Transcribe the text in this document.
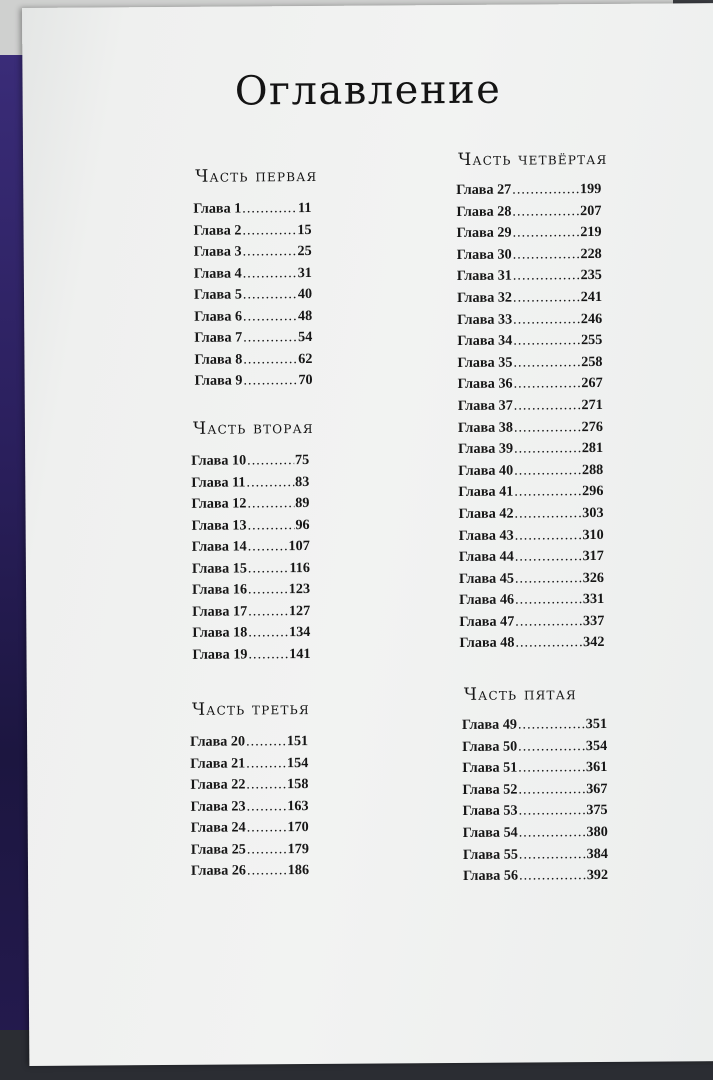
Оглавление
Часть первая
Глава 1 .....	11
Глава 2 .....	15
Глава 3 .....	25
Глава 4 .....	31
Глава 5 .....	40
Глава 6 .....	48
Глава 7 .....	54
Глава 8 .....	62
Глава 9 .....	70
Часть вторая
Глава 10 .....	75
Глава 11 .....	83
Глава 12 .....	89
Глава 13 .....	96
Глава 14 .....	107
Глава 15 .....	116
Глава 16 .....	123
Глава 17 .....	127
Глава 18 .....	134
Глава 19 .....	141
Часть третья
Глава 20 .....	151
Глава 21 .....	154
Глава 22 .....	158
Глава 23 .....	163
Глава 24 .....	170
Глава 25 .....	179
Глава 26 .....	186
Часть четвёртая
Глава 27 .....	199
Глава 28 .....	207
Глава 29 .....	219
Глава 30 .....	228
Глава 31 .....	235
Глава 32 .....	241
Глава 33 .....	246
Глава 34 .....	255
Глава 35 .....	258
Глава 36 .....	267
Глава 37 .....	271
Глава 38 .....	276
Глава 39 .....	281
Глава 40 .....	288
Глава 41 .....	296
Глава 42 .....	303
Глава 43 .....	310
Глава 44 .....	317
Глава 45 .....	326
Глава 46 .....	331
Глава 47 .....	337
Глава 48 .....	342
Часть пятая
Глава 49 .....	351
Глава 50 .....	354
Глава 51 .....	361
Глава 52 .....	367
Глава 53 .....	375
Глава 54 .....	380
Глава 55 .....	384
Глава 56 .....	392
